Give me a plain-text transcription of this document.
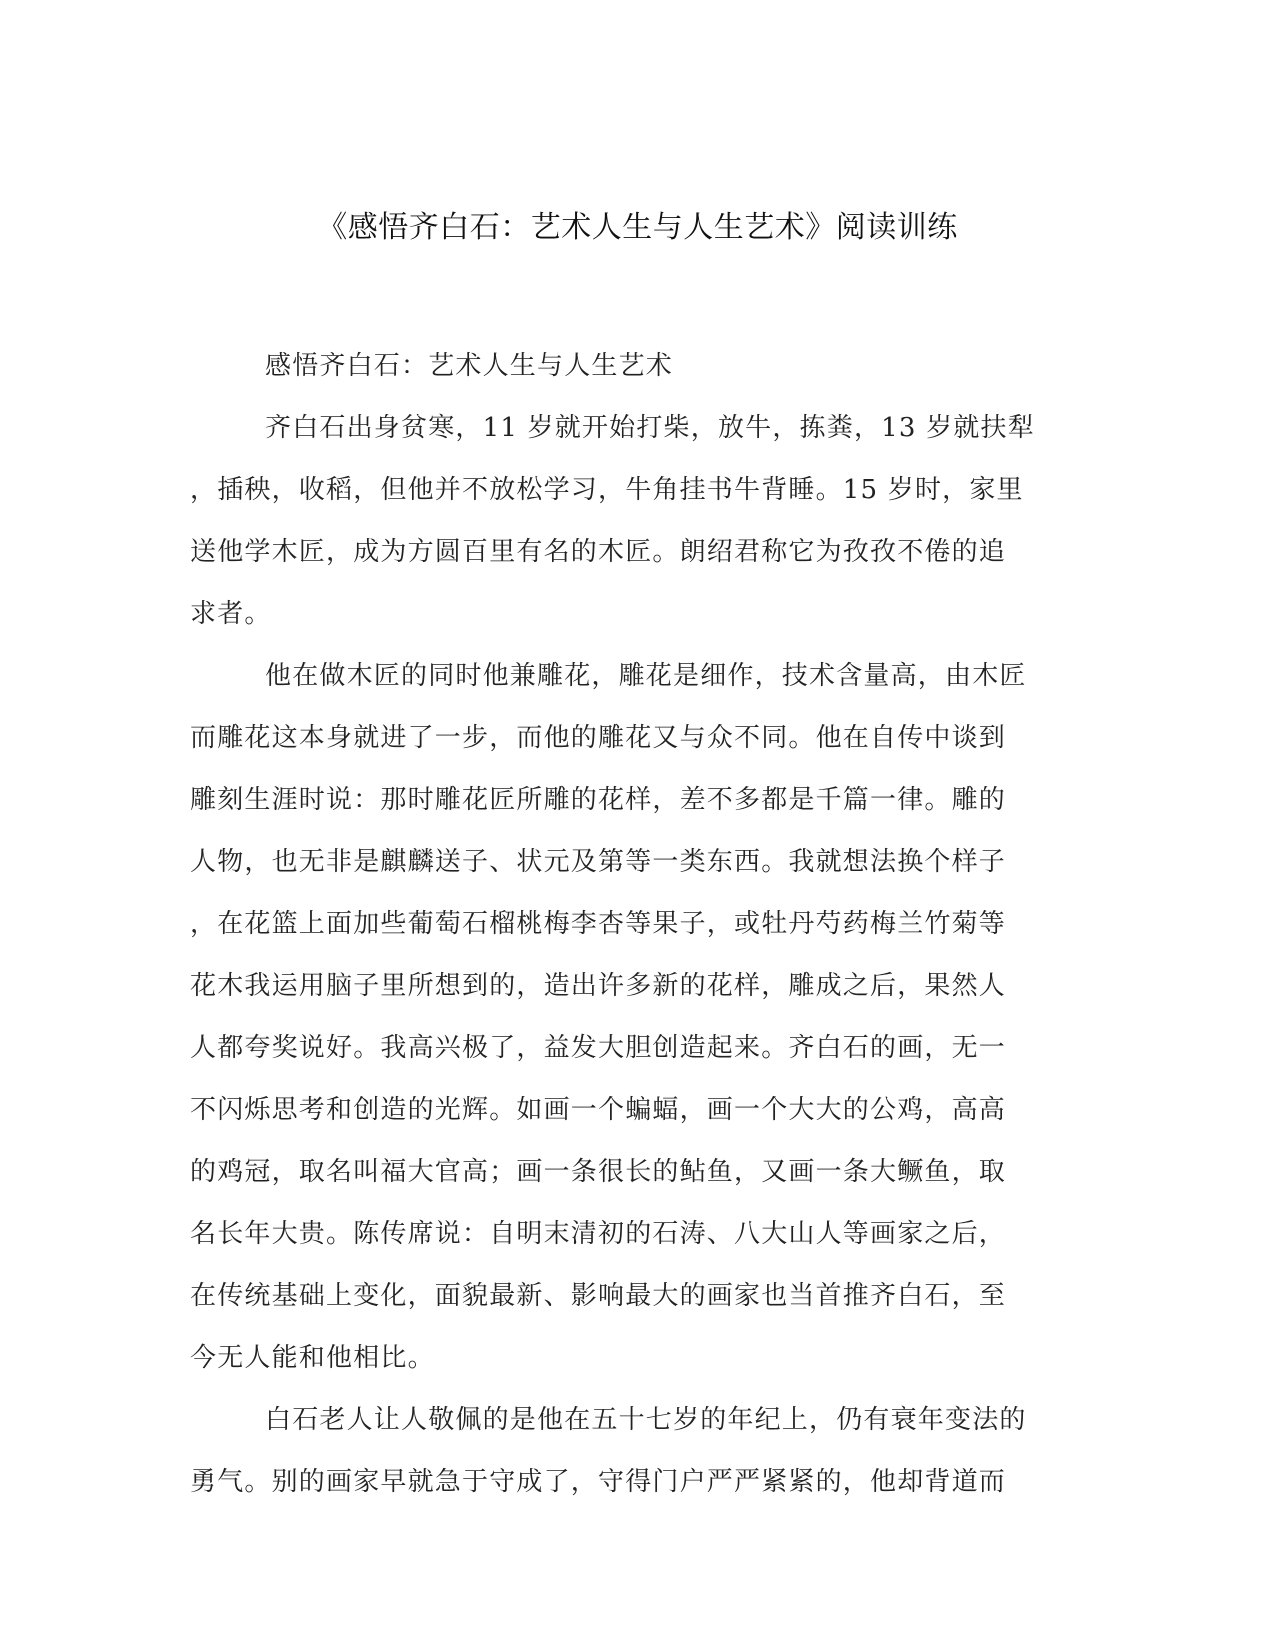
《感悟齐白石：艺术人生与人生艺术》阅读训练
感悟齐白石：艺术人生与人生艺术
齐白石出身贫寒，11 岁就开始打柴，放牛，拣粪，13 岁就扶犁
，插秧，收稻，但他并不放松学习，牛角挂书牛背睡。15 岁时，家里
送他学木匠，成为方圆百里有名的木匠。朗绍君称它为孜孜不倦的追
求者。
他在做木匠的同时他兼雕花，雕花是细作，技术含量高，由木匠
而雕花这本身就进了一步，而他的雕花又与众不同。他在自传中谈到
雕刻生涯时说：那时雕花匠所雕的花样，差不多都是千篇一律。雕的
人物，也无非是麒麟送子、状元及第等一类东西。我就想法换个样子
，在花篮上面加些葡萄石榴桃梅李杏等果子，或牡丹芍药梅兰竹菊等
花木我运用脑子里所想到的，造出许多新的花样，雕成之后，果然人
人都夸奖说好。我高兴极了，益发大胆创造起来。齐白石的画，无一
不闪烁思考和创造的光辉。如画一个蝙蝠，画一个大大的公鸡，高高
的鸡冠，取名叫福大官高；画一条很长的鲇鱼，又画一条大鳜鱼，取
名长年大贵。陈传席说：自明末清初的石涛、八大山人等画家之后，
在传统基础上变化，面貌最新、影响最大的画家也当首推齐白石，至
今无人能和他相比。
白石老人让人敬佩的是他在五十七岁的年纪上，仍有衰年变法的
勇气。别的画家早就急于守成了，守得门户严严紧紧的，他却背道而
